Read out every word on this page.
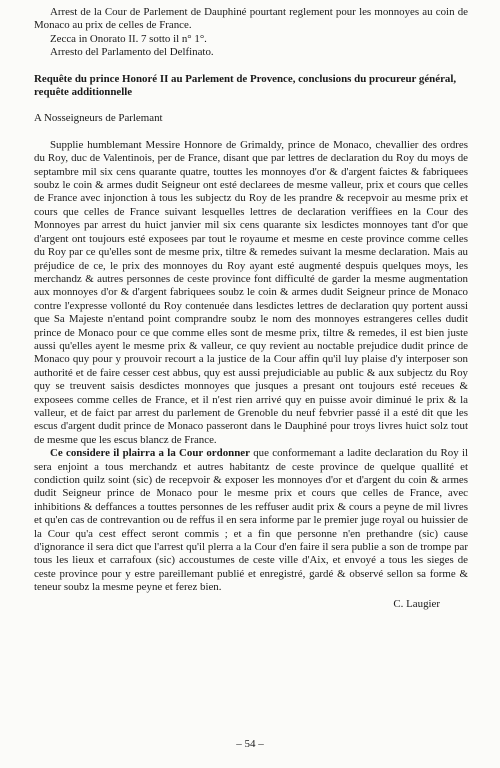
Arrest de la Cour de Parlement de Dauphiné pourtant reglement pour les monnoyes au coin de Monaco au prix de celles de France.

Zecca in Onorato II. 7 sotto il n° 1°.

Arresto del Parlamento del Delfinato.

Requête du prince Honoré II au Parlement de Provence, conclusions du procureur général, requête additionnelle

A Nosseigneurs de Parlemant

Supplie humblemant Messire Honnore de Grimaldy, prince de Monaco, chevallier des ordres du Roy, duc de Valentinois, per de France, disant que par lettres de declaration du Roy du moys de septambre mil six cens quarante quatre, touttes les monnoyes d'or & d'argent faictes & fabriquees soubz le coin & armes dudit Seigneur ont esté declarees de mesme valleur, prix et cours que celles de France avec injonction à tous les subjectz du Roy de les prandre & recepvoir au mesme prix et cours que celles de France suivant lesquelles lettres de declaration veriffiees en la Cour des Monnoyes par arrest du huict janvier mil six cens quarante six lesdictes monnoyes tant d'or que d'argent ont toujours esté exposees par tout le royaume et mesme en ceste province comme celles du Roy par ce qu'elles sont de mesme prix, tiltre & remedes suivant la mesme declaration. Mais au préjudice de ce, le prix des monnoyes du Roy ayant esté augmenté despuis quelques moys, les merchandz & autres personnes de ceste province font difficulté de garder la mesme augmentation aux monnoyes d'or & d'argent fabriquees soubz le coin & armes dudit Seigneur prince de Monaco contre l'expresse vollonté du Roy contenuée dans lesdictes lettres de declaration quy portent aussi que Sa Majeste n'entand point comprandre soubz le nom des monnoyes estrangeres celles dudit prince de Monaco pour ce que comme elles sont de mesme prix, tiltre & remedes, il est bien juste aussi qu'elles ayent le mesme prix & valleur, ce quy revient au noctable prejudice dudit prince de Monaco quy pour y prouvoir recourt a la justice de la Cour affin qu'il luy plaise d'y interposer son authorité et de faire cesser cest abbus, quy est aussi prejudiciable au public & aux subjectz du Roy quy se treuvent saisis desdictes monnoyes que jusques a presant ont toujours esté receues & exposees comme celles de France, et il n'est rien arrivé quy en puisse avoir diminué le prix & la valleur, et de faict par arrest du parlement de Grenoble du neuf febvrier passé il a esté dit que les escus d'argent dudit prince de Monaco passeront dans le Dauphiné pour troys livres huict solz tout de mesme que les escus blancz de France.

Ce considere il plairra a la Cour ordonner que conformemant a ladite declaration du Roy il sera enjoint a tous merchandz et autres habitantz de ceste province de quelque quallité et condiction quilz soint (sic) de recepvoir & exposer les monnoyes d'or et d'argent du coin & armes dudit Seigneur prince de Monaco pour le mesme prix et cours que celles de France, avec inhibitions & deffances a touttes personnes de les reffuser audit prix & cours a peyne de mil livres et qu'en cas de contrevantion ou de reffus il en sera informe par le premier juge royal ou huissier de la Cour qu'a cest effect seront commis ; et a fin que personne n'en prethandre (sic) cause d'ignorance il sera dict que l'arrest qu'il plerra a la Cour d'en faire il sera publie a son de trompe par tous les lieux et carrafoux (sic) accoustumes de ceste ville d'Aix, et envoyé a tous les sieges de ceste province pour y estre pareillemant publié et enregistré, gardé & observé sellon sa forme & teneur soubz la mesme peyne et ferez bien.

C. Laugier

– 54 –
